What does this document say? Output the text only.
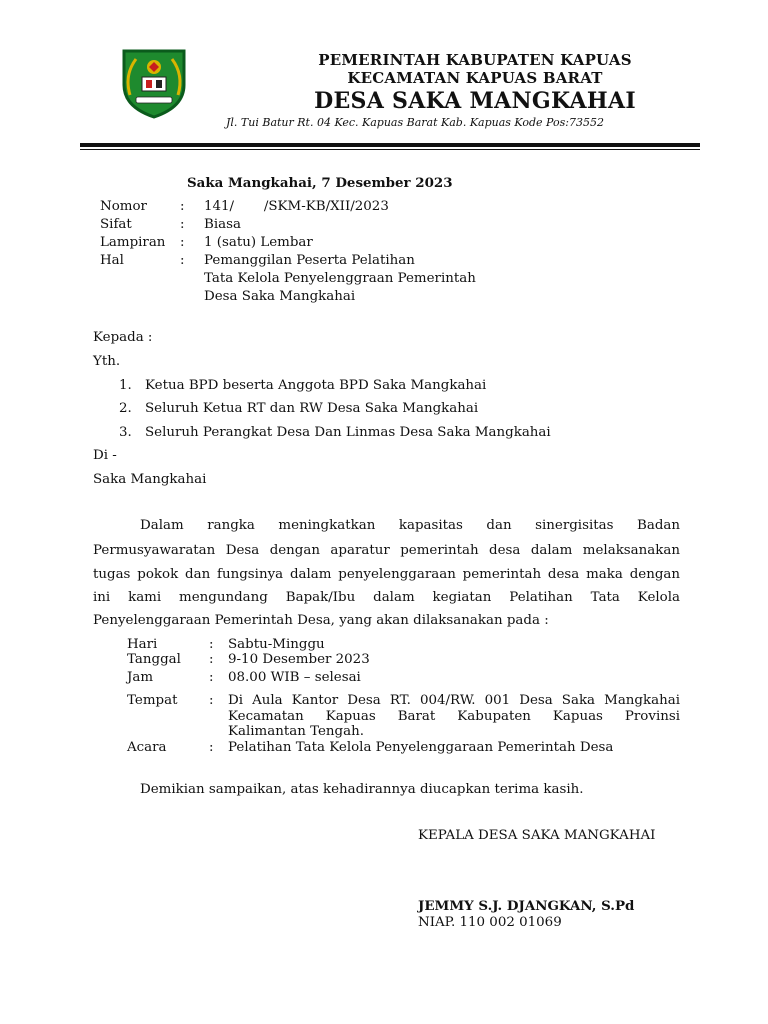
PEMERINTAH KABUPATEN KAPUAS
KECAMATAN KAPUAS BARAT
DESA SAKA MANGKAHAI
Jl. Tui Batur Rt. 04 Kec. Kapuas Barat Kab. Kapuas Kode Pos:73552
Saka Mangkahai, 7 Desember 2023
Nomor : 141/       /SKM-KB/XII/2023
Sifat	: Biasa
Lampiran : 1 (satu) Lembar
Hal	: Pemanggilan Peserta Pelatihan
Tata Kelola Penyelenggraan Pemerintah
Desa Saka Mangkahai
Kepada :
Yth.
1. Ketua BPD beserta Anggota BPD Saka Mangkahai
2. Seluruh Ketua RT dan RW Desa Saka Mangkahai
3. Seluruh Perangkat Desa Dan Linmas Desa Saka Mangkahai
Di -
Saka Mangkahai
Dalam rangka meningkatkan kapasitas dan sinergisitas Badan
Permusyawaratan Desa dengan aparatur pemerintah desa dalam melaksanakan
tugas pokok dan fungsinya dalam penyelenggaraan pemerintah desa maka dengan
ini kami mengundang Bapak/Ibu dalam kegiatan Pelatihan Tata Kelola
Penyelenggaraan Pemerintah Desa, yang akan dilaksanakan pada :
Hari	: Sabtu-Minggu
Tanggal : 9-10 Desember 2023
Jam	: 08.00 WIB – selesai
Tempat : Di Aula Kantor Desa RT. 004/RW. 001 Desa Saka Mangkahai
Kecamatan Kapuas Barat Kabupaten Kapuas Provinsi
Kalimantan Tengah.
Acara	: Pelatihan Tata Kelola Penyelenggaraan Pemerintah Desa
Demikian sampaikan, atas kehadirannya diucapkan terima kasih.
KEPALA DESA SAKA MANGKAHAI
JEMMY S.J. DJANGKAN, S.Pd
NIAP. 110 002 01069
